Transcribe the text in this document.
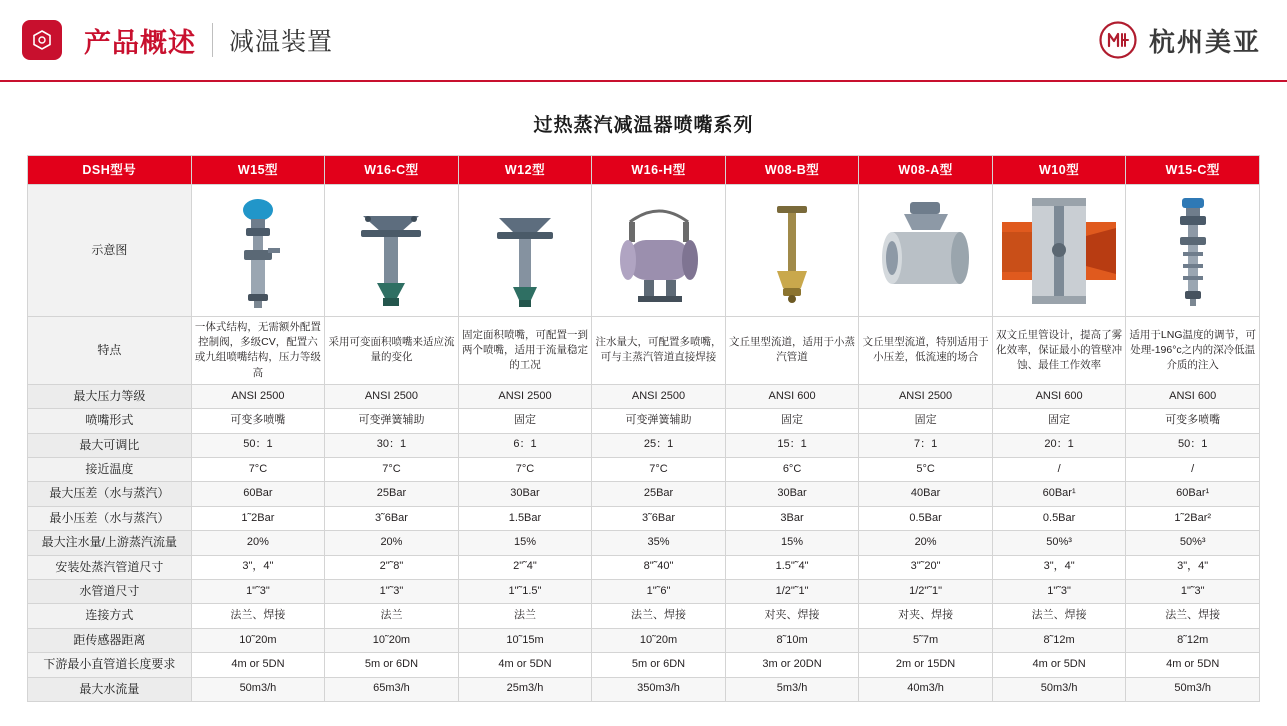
产品概述 减温装置	杭州美亚
过热蒸汽减温器喷嘴系列
DSH型号	W15型	W16-C型	W12型	W16-H型	W08-B型	W08-A型	W10型	W15-C型
示意图	

特点	一体式结构，无需额外配置控制阀，多级CV，配置六或九组喷嘴结构，压力等级高	采用可变面积喷嘴来适应流量的变化	固定面积喷嘴，可配置一到两个喷嘴，适用于流量稳定的工况	注水量大，可配置多喷嘴，可与主蒸汽管道直接焊接	文丘里型流道，适用于小蒸汽管道	文丘里型流道，特别适用于小压差，低流速的场合	双文丘里管设计，提高了雾化效率，保证最小的管壁冲蚀、最佳工作效率	适用于LNG温度的调节，可处理-196°c之内的深冷低温介质的注入
最大压力等级	ANSI 2500	ANSI 2500	ANSI 2500	ANSI 2500	ANSI 600	ANSI 2500	ANSI 600	ANSI 600
喷嘴形式	可变多喷嘴	可变弹簧辅助	固定	可变弹簧辅助	固定	固定	固定	可变多喷嘴
最大可调比	50：1	30：1	6：1	25：1	15：1	7：1	20：1	50：1
接近温度	7°C	7°C	7°C	7°C	6°C	5°C	/	/
最大压差（水与蒸汽）	60Bar	25Bar	30Bar	25Bar	30Bar	40Bar	60Bar¹	60Bar¹
最小压差（水与蒸汽）	1˜2Bar	3˜6Bar	1.5Bar	3˜6Bar	3Bar	0.5Bar	0.5Bar	1˜2Bar²
最大注水量/上游蒸汽流量	20%	20%	15%	35%	15%	20%	50%³	50%³
安装处蒸汽管道尺寸	3"，4"	2"˜8"	2"˜4"	8"˜40"	1.5"˜4"	3"˜20"	3"，4"	3"，4"
水管道尺寸	1"˜3"	1"˜3"	1"˜1.5"	1"˜6"	1/2"˜1"	1/2"˜1"	1"˜3"	1"˜3"
连接方式	法兰、焊接	法兰	法兰	法兰、焊接	对夹、焊接	对夹、焊接	法兰、焊接	法兰、焊接
距传感器距离	10˜20m	10˜20m	10˜15m	10˜20m	8˜10m	5˜7m	8˜12m	8˜12m
下游最小直管道长度要求	4m or 5DN	5m or 6DN	4m or 5DN	5m or 6DN	3m or 20DN	2m or 15DN	4m or 5DN	4m or 5DN
最大水流量	50m3/h	65m3/h	25m3/h	350m3/h	5m3/h	40m3/h	50m3/h	50m3/h
